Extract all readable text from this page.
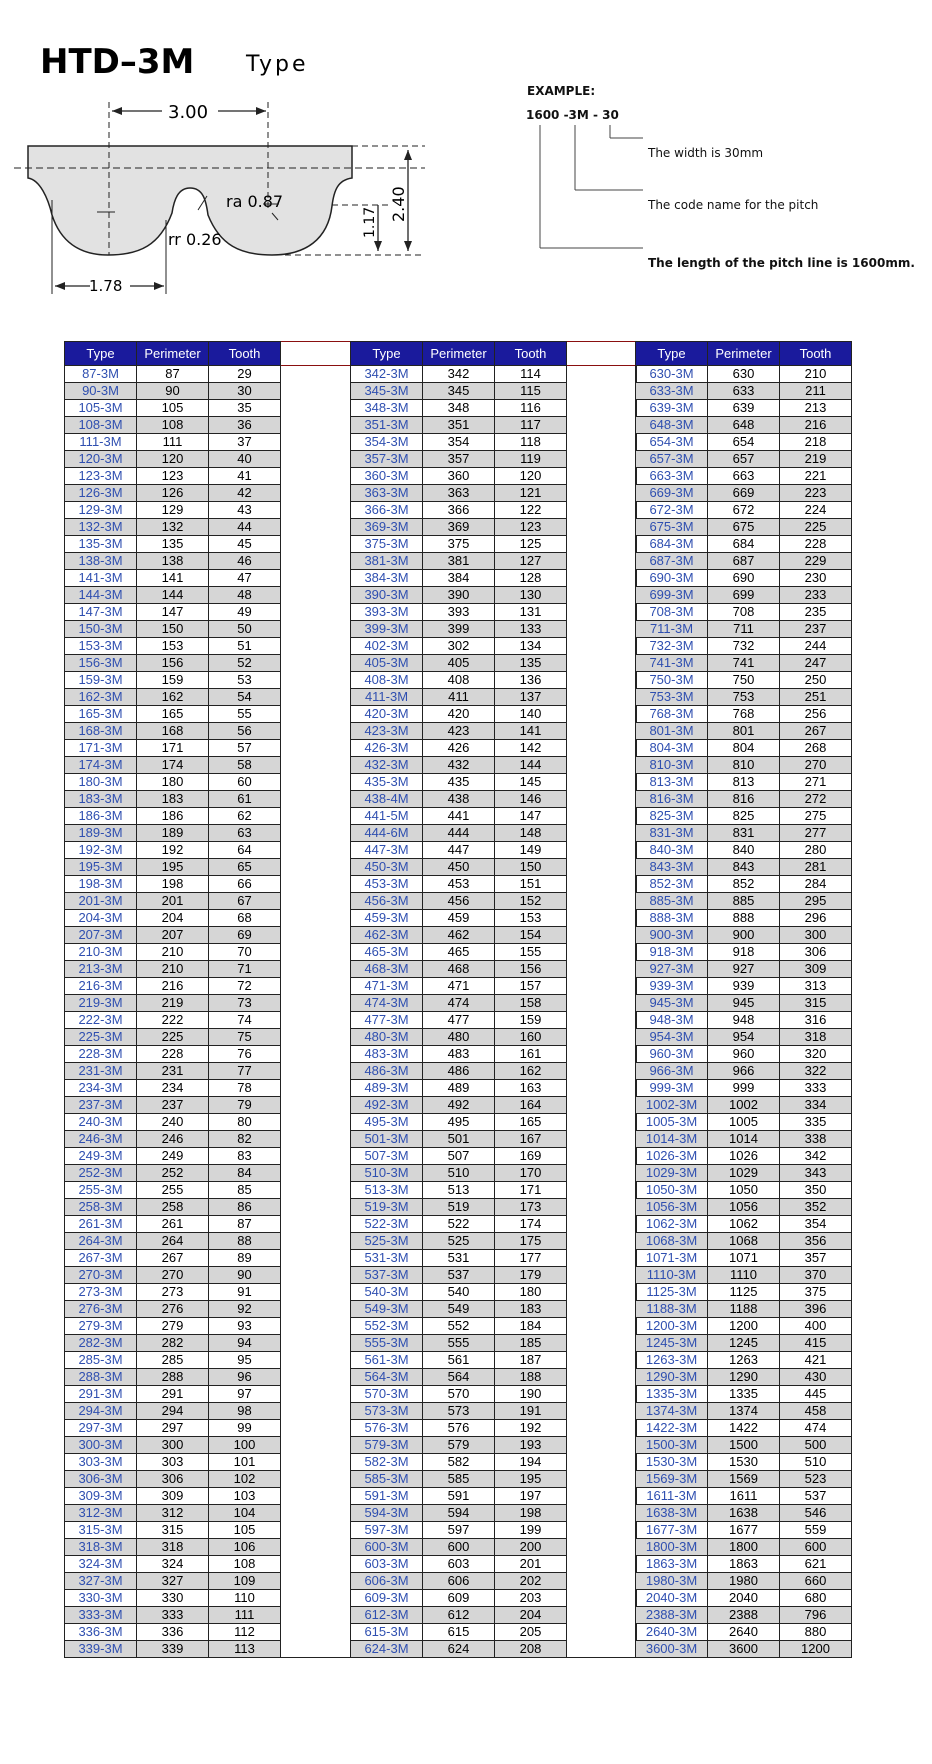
HTD–3M Type
3.00
1.78
2.40
1.17
ra 0.87
rr 0.26
EXAMPLE:
1600 -3M - 30
The width is 30mm
The code name for the pitch
The length of the pitch line is 1600mm.
Type	Perimeter	Tooth	
87-3M	87	29	
90-3M	90	30	
105-3M	105	35	
108-3M	108	36	
111-3M	111	37	
120-3M	120	40	
123-3M	123	41	
126-3M	126	42	
129-3M	129	43	
132-3M	132	44	
135-3M	135	45	
138-3M	138	46	
141-3M	141	47	
144-3M	144	48	
147-3M	147	49	
150-3M	150	50	
153-3M	153	51	
156-3M	156	52	
159-3M	159	53	
162-3M	162	54	
165-3M	165	55	
168-3M	168	56	
171-3M	171	57	
174-3M	174	58	
180-3M	180	60	
183-3M	183	61	
186-3M	186	62	
189-3M	189	63	
192-3M	192	64	
195-3M	195	65	
198-3M	198	66	
201-3M	201	67	
204-3M	204	68	
207-3M	207	69	
210-3M	210	70	
213-3M	210	71	
216-3M	216	72	
219-3M	219	73	
222-3M	222	74	
225-3M	225	75	
228-3M	228	76	
231-3M	231	77	
234-3M	234	78	
237-3M	237	79	
240-3M	240	80	
246-3M	246	82	
249-3M	249	83	
252-3M	252	84	
255-3M	255	85	
258-3M	258	86	
261-3M	261	87	
264-3M	264	88	
267-3M	267	89	
270-3M	270	90	
273-3M	273	91	
276-3M	276	92	
279-3M	279	93	
282-3M	282	94	
285-3M	285	95	
288-3M	288	96	
291-3M	291	97	
294-3M	294	98	
297-3M	297	99	
300-3M	300	100	
303-3M	303	101	
306-3M	306	102	
309-3M	309	103	
312-3M	312	104	
315-3M	315	105	
318-3M	318	106	
324-3M	324	108	
327-3M	327	109	
330-3M	330	110	
333-3M	333	111	
336-3M	336	112	
339-3M	339	113	
Type	Perimeter	Tooth	
342-3M	342	114	
345-3M	345	115	
348-3M	348	116	
351-3M	351	117	
354-3M	354	118	
357-3M	357	119	
360-3M	360	120	
363-3M	363	121	
366-3M	366	122	
369-3M	369	123	
375-3M	375	125	
381-3M	381	127	
384-3M	384	128	
390-3M	390	130	
393-3M	393	131	
399-3M	399	133	
402-3M	302	134	
405-3M	405	135	
408-3M	408	136	
411-3M	411	137	
420-3M	420	140	
423-3M	423	141	
426-3M	426	142	
432-3M	432	144	
435-3M	435	145	
438-4M	438	146	
441-5M	441	147	
444-6M	444	148	
447-3M	447	149	
450-3M	450	150	
453-3M	453	151	
456-3M	456	152	
459-3M	459	153	
462-3M	462	154	
465-3M	465	155	
468-3M	468	156	
471-3M	471	157	
474-3M	474	158	
477-3M	477	159	
480-3M	480	160	
483-3M	483	161	
486-3M	486	162	
489-3M	489	163	
492-3M	492	164	
495-3M	495	165	
501-3M	501	167	
507-3M	507	169	
510-3M	510	170	
513-3M	513	171	
519-3M	519	173	
522-3M	522	174	
525-3M	525	175	
531-3M	531	177	
537-3M	537	179	
540-3M	540	180	
549-3M	549	183	
552-3M	552	184	
555-3M	555	185	
561-3M	561	187	
564-3M	564	188	
570-3M	570	190	
573-3M	573	191	
576-3M	576	192	
579-3M	579	193	
582-3M	582	194	
585-3M	585	195	
591-3M	591	197	
594-3M	594	198	
597-3M	597	199	
600-3M	600	200	
603-3M	603	201	
606-3M	606	202	
609-3M	609	203	
612-3M	612	204	
615-3M	615	205	
624-3M	624	208	
Type	Perimeter	Tooth
630-3M	630	210
633-3M	633	211
639-3M	639	213
648-3M	648	216
654-3M	654	218
657-3M	657	219
663-3M	663	221
669-3M	669	223
672-3M	672	224
675-3M	675	225
684-3M	684	228
687-3M	687	229
690-3M	690	230
699-3M	699	233
708-3M	708	235
711-3M	711	237
732-3M	732	244
741-3M	741	247
750-3M	750	250
753-3M	753	251
768-3M	768	256
801-3M	801	267
804-3M	804	268
810-3M	810	270
813-3M	813	271
816-3M	816	272
825-3M	825	275
831-3M	831	277
840-3M	840	280
843-3M	843	281
852-3M	852	284
885-3M	885	295
888-3M	888	296
900-3M	900	300
918-3M	918	306
927-3M	927	309
939-3M	939	313
945-3M	945	315
948-3M	948	316
954-3M	954	318
960-3M	960	320
966-3M	966	322
999-3M	999	333
1002-3M	1002	334
1005-3M	1005	335
1014-3M	1014	338
1026-3M	1026	342
1029-3M	1029	343
1050-3M	1050	350
1056-3M	1056	352
1062-3M	1062	354
1068-3M	1068	356
1071-3M	1071	357
1110-3M	1110	370
1125-3M	1125	375
1188-3M	1188	396
1200-3M	1200	400
1245-3M	1245	415
1263-3M	1263	421
1290-3M	1290	430
1335-3M	1335	445
1374-3M	1374	458
1422-3M	1422	474
1500-3M	1500	500
1530-3M	1530	510
1569-3M	1569	523
1611-3M	1611	537
1638-3M	1638	546
1677-3M	1677	559
1800-3M	1800	600
1863-3M	1863	621
1980-3M	1980	660
2040-3M	2040	680
2388-3M	2388	796
2640-3M	2640	880
3600-3M	3600	1200
